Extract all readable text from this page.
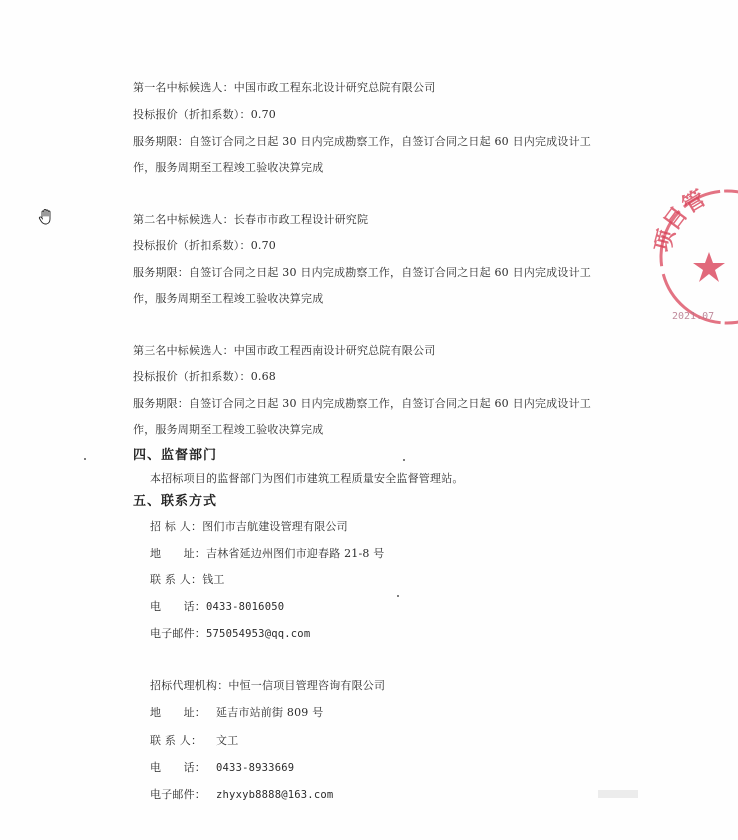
第一名中标候选人：中国市政工程东北设计研究总院有限公司
投标报价（折扣系数）：0.70
服务期限：自签订合同之日起 30 日内完成勘察工作，自签订合同之日起 60 日内完成设计工
作，服务周期至工程竣工验收决算完成
第二名中标候选人：长春市市政工程设计研究院
投标报价（折扣系数）：0.70
服务期限：自签订合同之日起 30 日内完成勘察工作，自签订合同之日起 60 日内完成设计工
作，服务周期至工程竣工验收决算完成
第三名中标候选人：中国市政工程西南设计研究总院有限公司
投标报价（折扣系数）：0.68
服务期限：自签订合同之日起 30 日内完成勘察工作，自签订合同之日起 60 日内完成设计工
作，服务周期至工程竣工验收决算完成
四、监督部门
本招标项目的监督部门为图们市建筑工程质量安全监督管理站。
五、联系方式
招 标 人：图们市吉航建设管理有限公司
地　　址：吉林省延边州图们市迎春路 21-8 号
联 系 人：钱工
电　　话：0433-8016050
电子邮件：575054953@qq.com
招标代理机构：中恒一信项目管理咨询有限公司
地　　址： 延吉市站前街 809 号
联 系 人： 文工
电　　话： 0433-8933669
电子邮件： zhyxyb8888@163.com
项目管
2021.07
